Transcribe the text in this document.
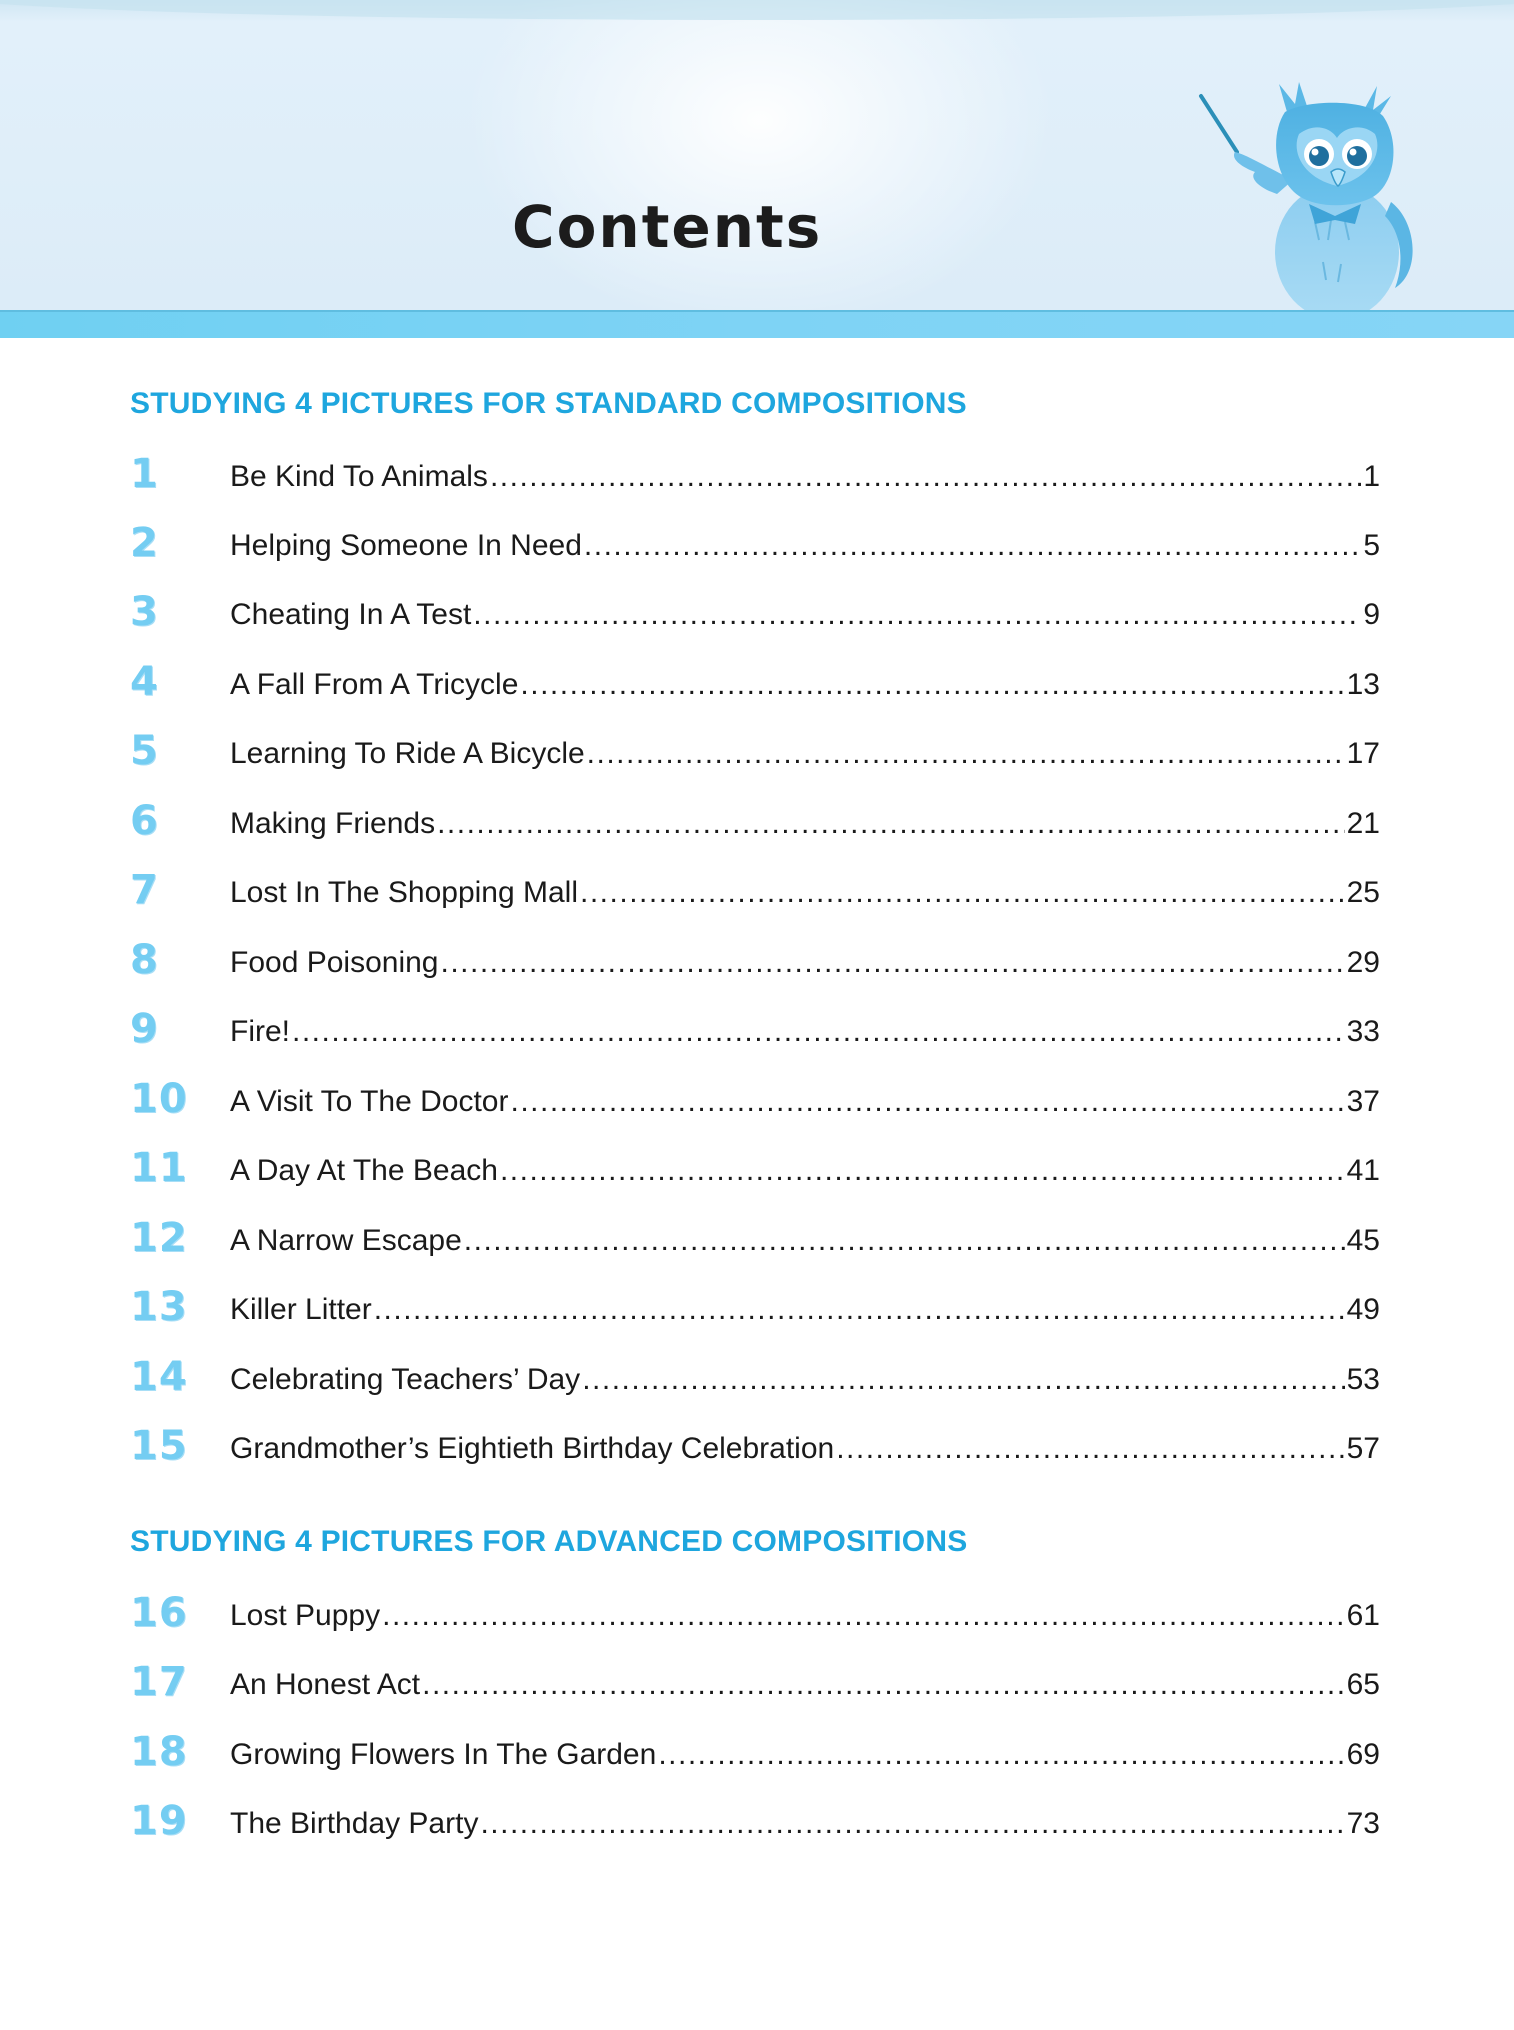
Contents
STUDYING 4 PICTURES FOR STANDARD COMPOSITIONS
1 Be Kind To Animals .....	1
2 Helping Someone In Need .....	5
3 Cheating In A Test .....	9
4 A Fall From A Tricycle .....	13
5 Learning To Ride A Bicycle .....	17
6 Making Friends .....	21
7 Lost In The Shopping Mall .....	25
8 Food Poisoning .....	29
9 Fire! .....	33
10 A Visit To The Doctor .....	37
11 A Day At The Beach .....	41
12 A Narrow Escape .....	45
13 Killer Litter .....	49
14 Celebrating Teachers’ Day .....	53
15 Grandmother’s Eightieth Birthday Celebration .....	57
STUDYING 4 PICTURES FOR ADVANCED COMPOSITIONS
16 Lost Puppy .....	61
17 An Honest Act .....	65
18 Growing Flowers In The Garden .....	69
19 The Birthday Party .....	73
